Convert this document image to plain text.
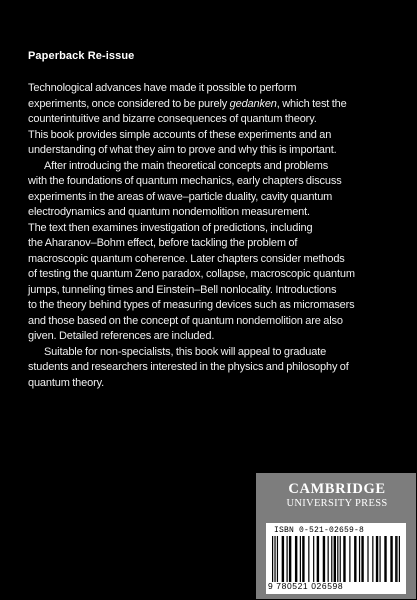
Paperback Re-issue
Technological advances have made it possible to perform
experiments, once considered to be purely gedanken, which test the
counterintuitive and bizarre consequences of quantum theory.
This book provides simple accounts of these experiments and an
understanding of what they aim to prove and why this is important.
After introducing the main theoretical concepts and problems
with the foundations of quantum mechanics, early chapters discuss
experiments in the areas of wave–particle duality, cavity quantum
electrodynamics and quantum nondemolition measurement.
The text then examines investigation of predictions, including
the Aharanov–Bohm effect, before tackling the problem of
macroscopic quantum coherence. Later chapters consider methods
of testing the quantum Zeno paradox, collapse, macroscopic quantum
jumps, tunneling times and Einstein–Bell nonlocality. Introductions
to the theory behind types of measuring devices such as micromasers
and those based on the concept of quantum nondemolition are also
given. Detailed references are included.
Suitable for non-specialists, this book will appeal to graduate
students and researchers interested in the physics and philosophy of
quantum theory.
CAMBRIDGE
UNIVERSITY PRESS
ISBN 0-521-02659-8
9 780521 026598
